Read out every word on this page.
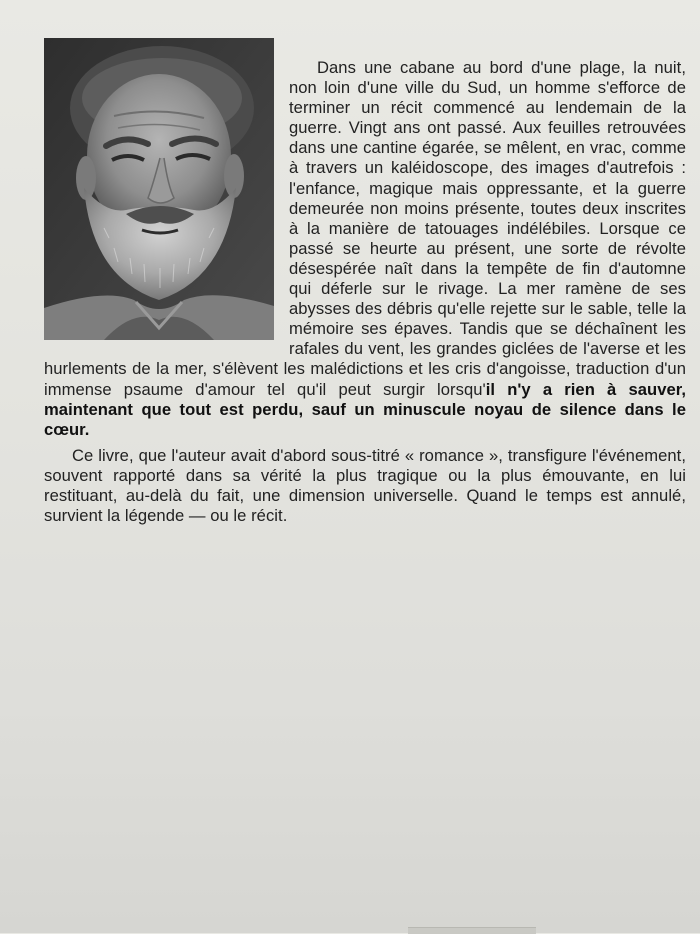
Dans une cabane au bord d'une plage, la nuit, non loin d'une ville du Sud, un homme s'efforce de terminer un récit commencé au lendemain de la guerre. Vingt ans ont passé. Aux feuilles retrouvées dans une cantine égarée, se mêlent, en vrac, comme à travers un kaléidoscope, des images d'autrefois : l'enfance, magique mais oppressante, et la guerre demeurée non moins présente, toutes deux inscrites à la manière de tatouages indélébiles. Lorsque ce passé se heurte au présent, une sorte de révolte désespérée naît dans la tempête de fin d'automne qui déferle sur le rivage. La mer ramène de ses abysses des débris qu'elle rejette sur le sable, telle la mémoire ses épaves. Tandis que se déchaînent les rafales du vent, les grandes giclées de l'averse et les hurlements de la mer, s'élèvent les malédictions et les cris d'angoisse, traduction d'un immense psaume d'amour tel qu'il peut surgir lorsqu'il n'y a rien à sauver, maintenant que tout est perdu, sauf un minuscule noyau de silence dans le cœur.

Ce livre, que l'auteur avait d'abord sous-titré « romance », transfigure l'événement, souvent rapporté dans sa vérité la plus tragique ou la plus émouvante, en lui restituant, au-delà du fait, une dimension universelle. Quand le temps est annulé, survient la légende — ou le récit.
